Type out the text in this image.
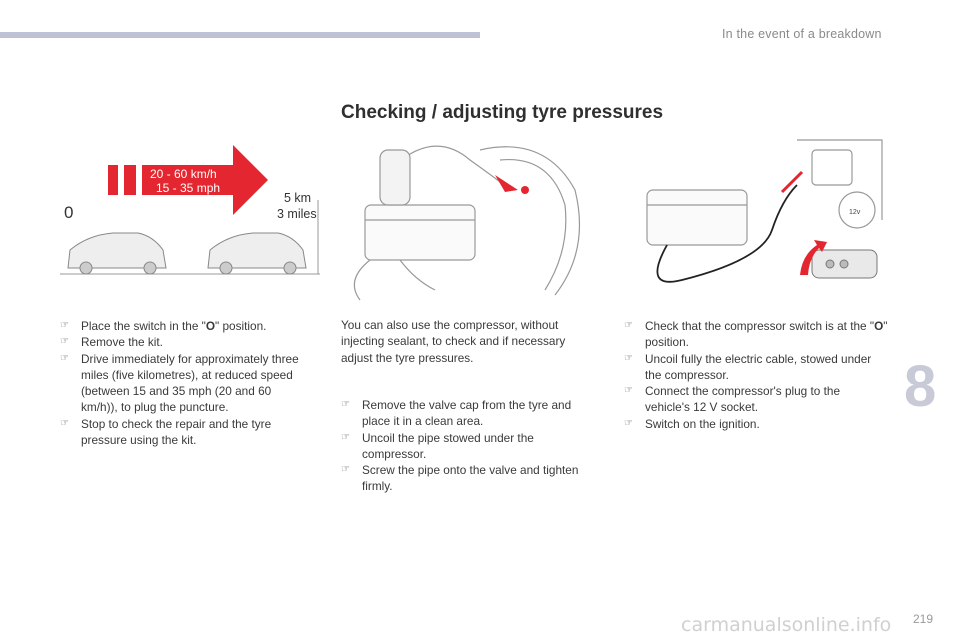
In the event of a breakdown
Checking / adjusting tyre pressures
20 - 60 km/h
15 - 35 mph
0
5 km
3 miles	12v
☞ Place the switch in the "O" position.
☞ Remove the kit.
☞ Drive immediately for approximately three miles (five kilometres), at reduced speed (between 15 and 35 mph (20 and 60 km/h)), to plug the puncture.
☞ Stop to check the repair and the tyre pressure using the kit.

You can also use the compressor, without injecting sealant, to check and if necessary adjust the tyre pressures.

☞ Remove the valve cap from the tyre and place it in a clean area.
☞ Uncoil the pipe stowed under the compressor.
☞ Screw the pipe onto the valve and tighten firmly.
☞ Check that the compressor switch is at the "O" position.
☞ Uncoil fully the electric cable, stowed under the compressor.
☞ Connect the compressor's plug to the vehicle's 12 V socket.
☞ Switch on the ignition.
8
carmanualsonline.info 219
